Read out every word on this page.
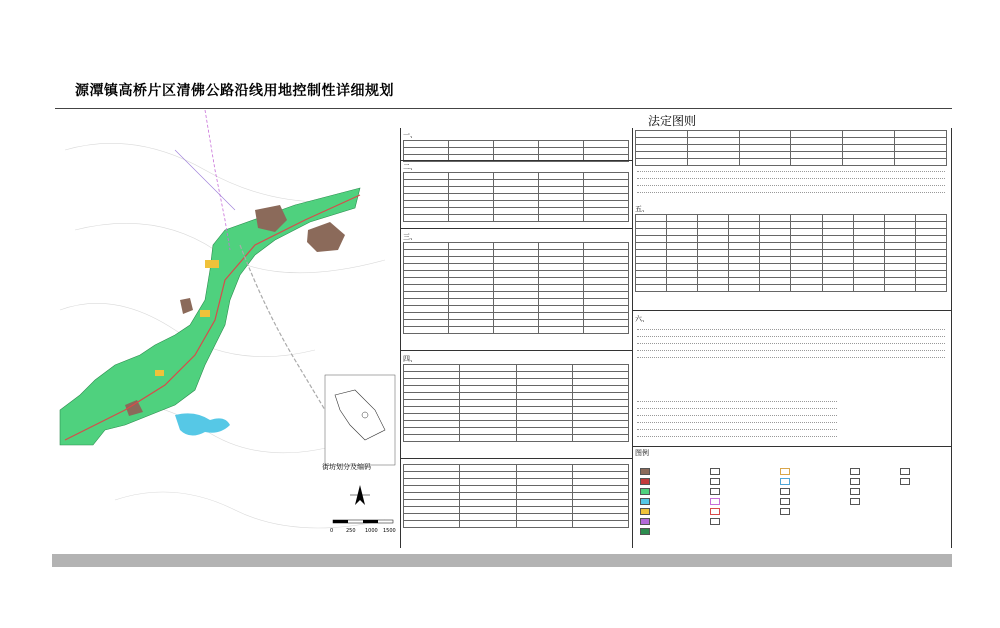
源潭镇高桥片区清佛公路沿线用地控制性详细规划
街坊划分及编码
0	250 1000 1500
一、

二、

三、

四、

法定图则

五、

六、
图例
